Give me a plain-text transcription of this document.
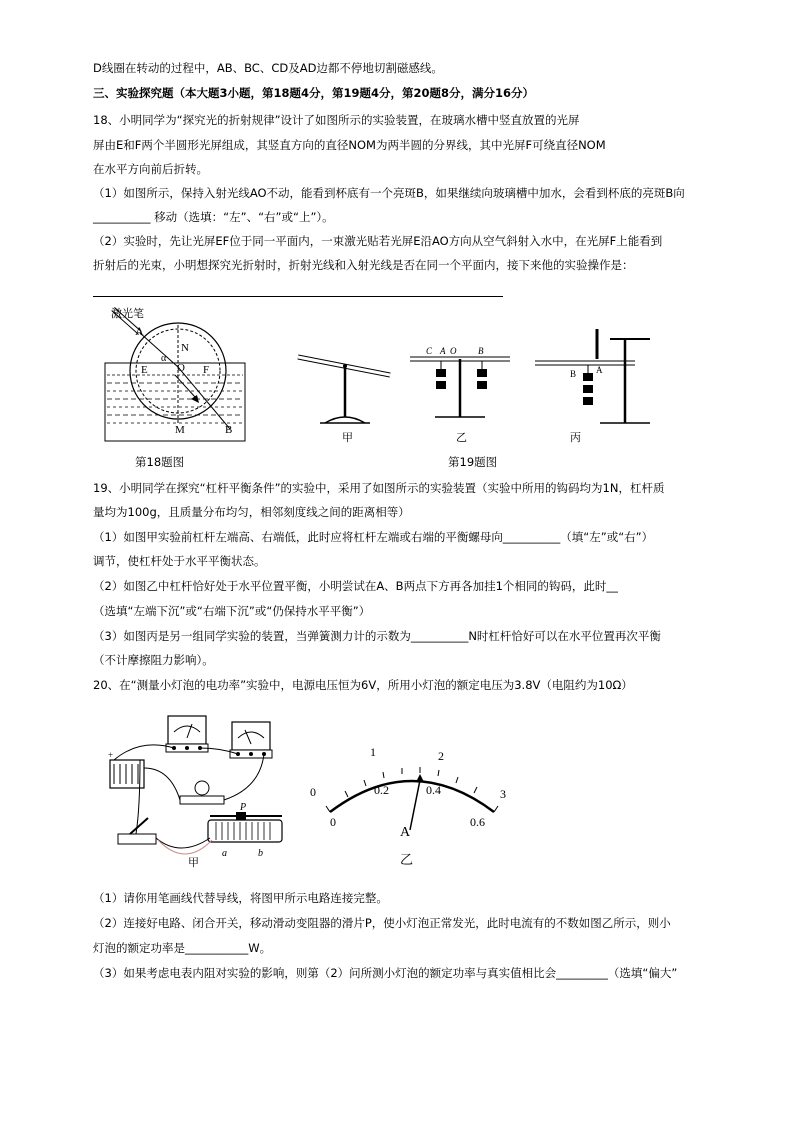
D线圈在转动的过程中，AB、BC、CD及AD边都不停地切割磁感线。
三、实验探究题（本大题3小题，第18题4分，第19题4分，第20题8分，满分16分）
18、小明同学为“探究光的折射规律”设计了如图所示的实验装置，在玻璃水槽中竖直放置的光屏
屏由E和F两个半圆形光屏组成，其竖直方向的直径NOM为两半圆的分界线，其中光屏F可绕直径NOM
在水平方向前后折转。
（1）如图所示，保持入射光线AO不动，能看到杯底有一个亮斑B，如果继续向玻璃槽中加水，会看到杯底的亮斑B向
__________ 移动（选填：“左”、“右”或“上”）。
（2）实验时，先让光屏EF位于同一平面内，一束激光贴若光屏E沿AO方向从空气斜射入水中，在光屏F上能看到
折射后的光束，小明想探究光折射时，折射光线和入射光线是否在同一个平面内，接下来他的实验操作是：
激光笔
A
N
α
O
E	F
M	B
第18题图
甲
C A O B
乙
B A
丙
第19题图
19、小明同学在探究“杠杆平衡条件”的实验中，采用了如图所示的实验装置（实验中所用的钩码均为1N，杠杆质
量均为100g，且质量分布均匀，相邻刻度线之间的距离相等）
（1）如图甲实验前杠杆左端高、右端低，此时应将杠杆左端或右端的平衡螺母向__________（填“左”或“右”）
调节，使杠杆处于水平平衡状态。
（2）如图乙中杠杆恰好处于水平位置平衡，小明尝试在A、B两点下方再各加挂1个相同的钩码，此时__
（选填“左端下沉”或“右端下沉”或“仍保持水平平衡”）
（3）如图丙是另一组同学实验的装置，当弹簧测力计的示数为__________N时杠杆恰好可以在水平位置再次平衡
（不计摩擦阻力影响）。
20、在“测量小灯泡的电功率”实验中，电源电压恒为6V，所用小灯泡的额定电压为3.8V（电阻约为10Ω）
+
P
a	b
甲
0
1	2
3
0
0.2	0.4
0.6
A
乙
（1）请你用笔画线代替导线，将图甲所示电路连接完整。
（2）连接好电路、闭合开关，移动滑动变阻器的滑片P，使小灯泡正常发光，此时电流有的不数如图乙所示，则小
灯泡的额定功率是___________W。
（3）如果考虑电表内阻对实验的影响，则第（2）问所测小灯泡的额定功率与真实值相比会_________（选填“偏大”
